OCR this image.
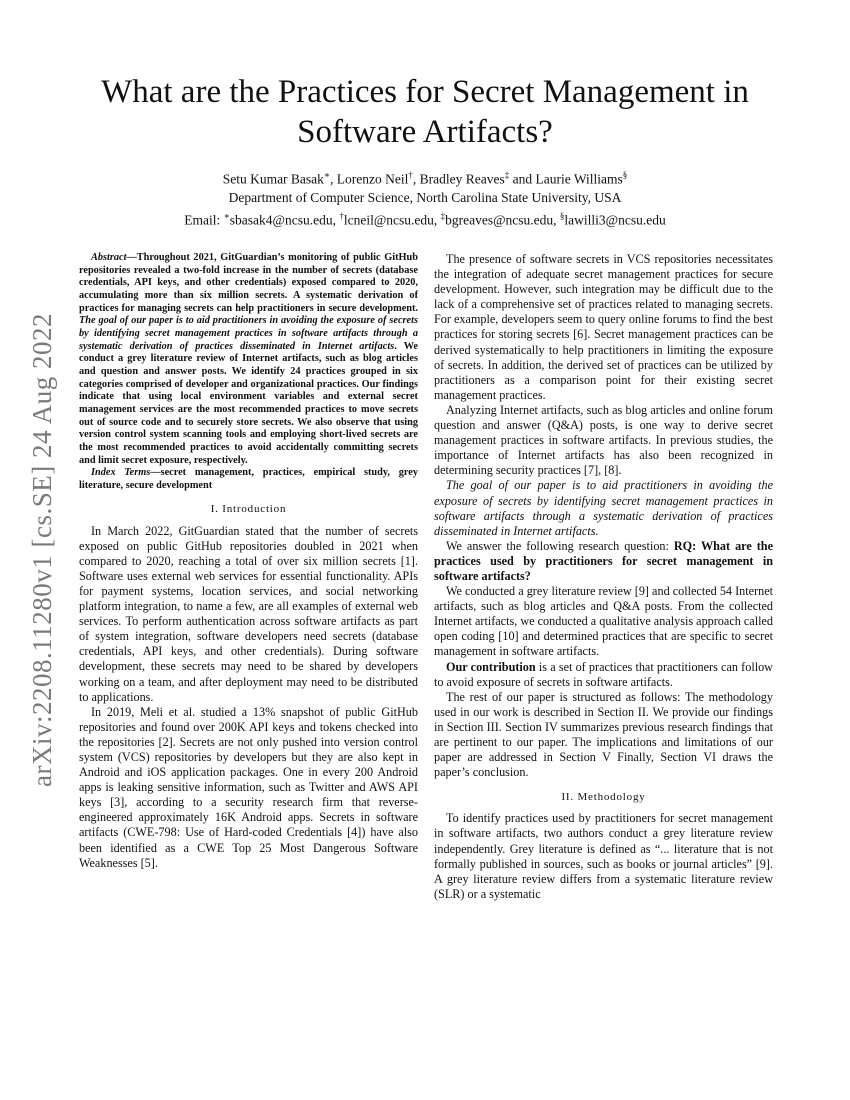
arXiv:2208.11280v1 [cs.SE] 24 Aug 2022
What are the Practices for Secret Management in
Software Artifacts?
Setu Kumar Basak∗, Lorenzo Neil†, Bradley Reaves‡ and Laurie Williams§
Department of Computer Science, North Carolina State University, USA
Email: ∗sbasak4@ncsu.edu, †lcneil@ncsu.edu, ‡bgreaves@ncsu.edu, §lawilli3@ncsu.edu

Abstract—Throughout 2021, GitGuardian’s monitoring of public GitHub repositories revealed a two-fold increase in the number of secrets (database credentials, API keys, and other credentials) exposed compared to 2020, accumulating more than six million secrets. A systematic derivation of practices for managing secrets can help practitioners in secure development. The goal of our paper is to aid practitioners in avoiding the exposure of secrets by identifying secret management practices in software artifacts through a systematic derivation of practices disseminated in Internet artifacts. We conduct a grey literature review of Internet artifacts, such as blog articles and question and answer posts. We identify 24 practices grouped in six categories comprised of developer and organizational practices. Our findings indicate that using local environment variables and external secret management services are the most recommended practices to move secrets out of source code and to securely store secrets. We also observe that using version control system scanning tools and employing short-lived secrets are the most recommended practices to avoid accidentally committing secrets and limit secret exposure, respectively.

Index Terms—secret management, practices, empirical study, grey literature, secure development

I. Introduction

In March 2022, GitGuardian stated that the number of secrets exposed on public GitHub repositories doubled in 2021 when compared to 2020, reaching a total of over six million secrets [1]. Software uses external web services for essential functionality. APIs for payment systems, location services, and social networking platform integration, to name a few, are all examples of external web services. To perform authentication across software artifacts as part of system integration, software developers need secrets (database credentials, API keys, and other credentials). During software development, these secrets may need to be shared by developers working on a team, and after deployment may need to be distributed to applications.

In 2019, Meli et al. studied a 13% snapshot of public GitHub repositories and found over 200K API keys and tokens checked into the repositories [2]. Secrets are not only pushed into version control system (VCS) repositories by developers but they are also kept in Android and iOS application packages. One in every 200 Android apps is leaking sensitive information, such as Twitter and AWS API keys [3], according to a security research firm that reverse-engineered approximately 16K Android apps. Secrets in software artifacts (CWE-798: Use of Hard-coded Credentials [4]) have also been identified as a CWE Top 25 Most Dangerous Software Weaknesses [5].

The presence of software secrets in VCS repositories necessitates the integration of adequate secret management practices for secure development. However, such integration may be difficult due to the lack of a comprehensive set of practices related to managing secrets. For example, developers seem to query online forums to find the best practices for storing secrets [6]. Secret management practices can be derived systematically to help practitioners in limiting the exposure of secrets. In addition, the derived set of practices can be utilized by practitioners as a comparison point for their existing secret management practices.

Analyzing Internet artifacts, such as blog articles and online forum question and answer (Q&A) posts, is one way to derive secret management practices in software artifacts. In previous studies, the importance of Internet artifacts has also been recognized in determining security practices [7], [8].

The goal of our paper is to aid practitioners in avoiding the exposure of secrets by identifying secret management practices in software artifacts through a systematic derivation of practices disseminated in Internet artifacts.

We answer the following research question: RQ: What are the practices used by practitioners for secret management in software artifacts?

We conducted a grey literature review [9] and collected 54 Internet artifacts, such as blog articles and Q&A posts. From the collected Internet artifacts, we conducted a qualitative analysis approach called open coding [10] and determined practices that are specific to secret management in software artifacts.

Our contribution is a set of practices that practitioners can follow to avoid exposure of secrets in software artifacts.

The rest of our paper is structured as follows: The methodology used in our work is described in Section II. We provide our findings in Section III. Section IV summarizes previous research findings that are pertinent to our paper. The implications and limitations of our paper are addressed in Section V Finally, Section VI draws the paper’s conclusion.

II. Methodology

To identify practices used by practitioners for secret management in software artifacts, two authors conduct a grey literature review independently. Grey literature is defined as “... literature that is not formally published in sources, such as books or journal articles” [9]. A grey literature review differs from a systematic literature review (SLR) or a systematic
